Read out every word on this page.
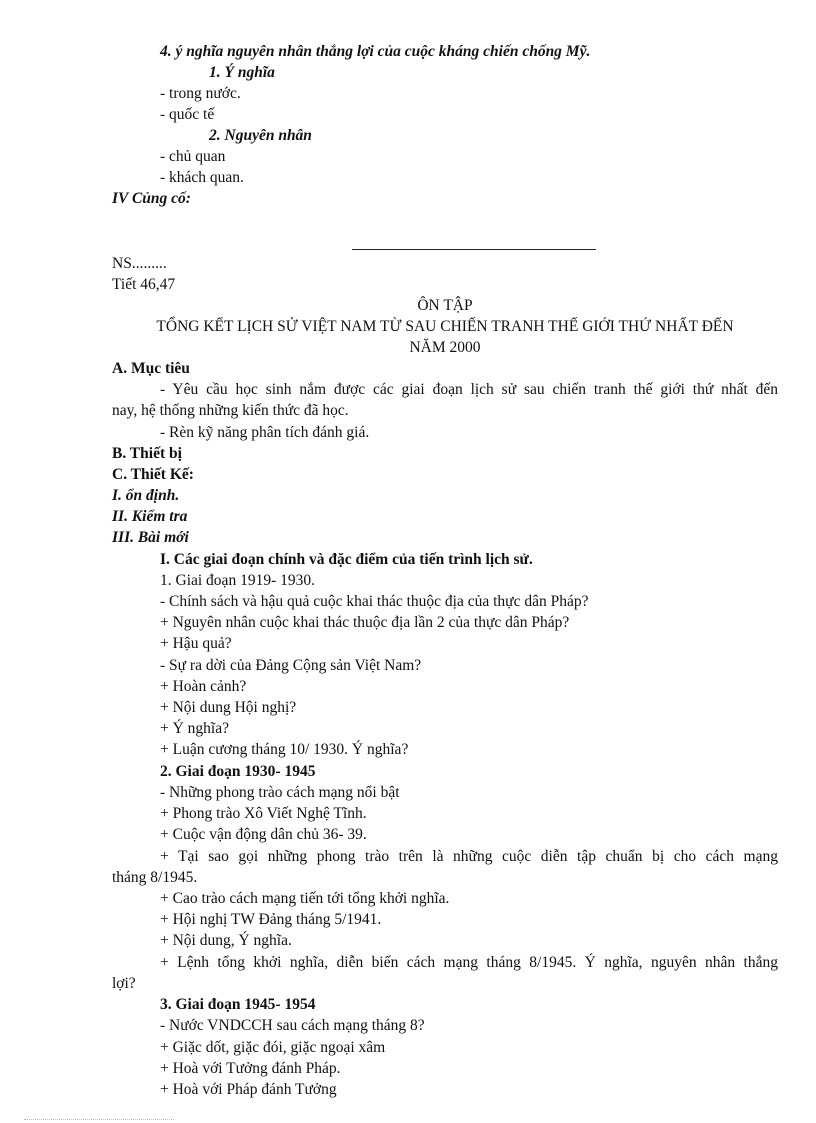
4. ý nghĩa nguyên nhân thắng lợi của cuộc kháng chiến chống Mỹ.
1. Ý nghĩa
- trong nước.
- quốc tế
2. Nguyên nhân
- chủ quan
- khách quan.
IV Củng cố:
NS.........
Tiết 46,47
ÔN TẬP
TỔNG KẾT LỊCH SỬ VIỆT NAM TỪ SAU CHIẾN TRANH THẾ GIỚI THỨ NHẤT ĐẾN
NĂM 2000
A. Mục tiêu
- Yêu cầu học sinh nắm được các giai đoạn lịch sử sau chiến tranh thế giới thứ nhất đến
nay, hệ thống những kiến thức đã học.
- Rèn kỹ năng phân tích đánh giá.
B. Thiết bị
C. Thiết Kế:
I. ổn định.
II. Kiểm tra
III. Bài mới
I. Các giai đoạn chính và đặc điểm của tiến trình lịch sử.
1. Giai đoạn 1919- 1930.
- Chính sách và hậu quả cuộc khai thác thuộc địa của thực dân Pháp?
+ Nguyên nhân cuộc khai thác thuộc địa lần 2 của thực dân Pháp?
+ Hậu quả?
- Sự ra dời của Đảng Cộng sản Việt Nam?
+ Hoàn cảnh?
+ Nội dung Hội nghị?
+ Ý nghĩa?
+ Luận cương tháng 10/ 1930. Ý nghĩa?
2. Giai đoạn 1930- 1945
- Những phong trào cách mạng nổi bật
+ Phong trào Xô Viết Nghệ Tĩnh.
+ Cuộc vận động dân chủ 36- 39.
+ Tại sao gọi những phong trào trên là những cuộc diễn tập chuẩn bị cho cách mạng
tháng 8/1945.
+ Cao trào cách mạng tiến tới tổng khởi nghĩa.
+ Hội nghị TW Đảng tháng 5/1941.
+ Nội dung, Ý nghĩa.
+ Lệnh tổng khởi nghĩa, diễn biến cách mạng tháng 8/1945. Ý nghĩa, nguyên nhân thắng
lợi?
3. Giai đoạn 1945- 1954
- Nước VNDCCH sau cách mạng tháng 8?
+ Giặc dốt, giặc đói, giặc ngoại xâm
+ Hoà với Tưởng đánh Pháp.
+ Hoà với Pháp đánh Tưởng
